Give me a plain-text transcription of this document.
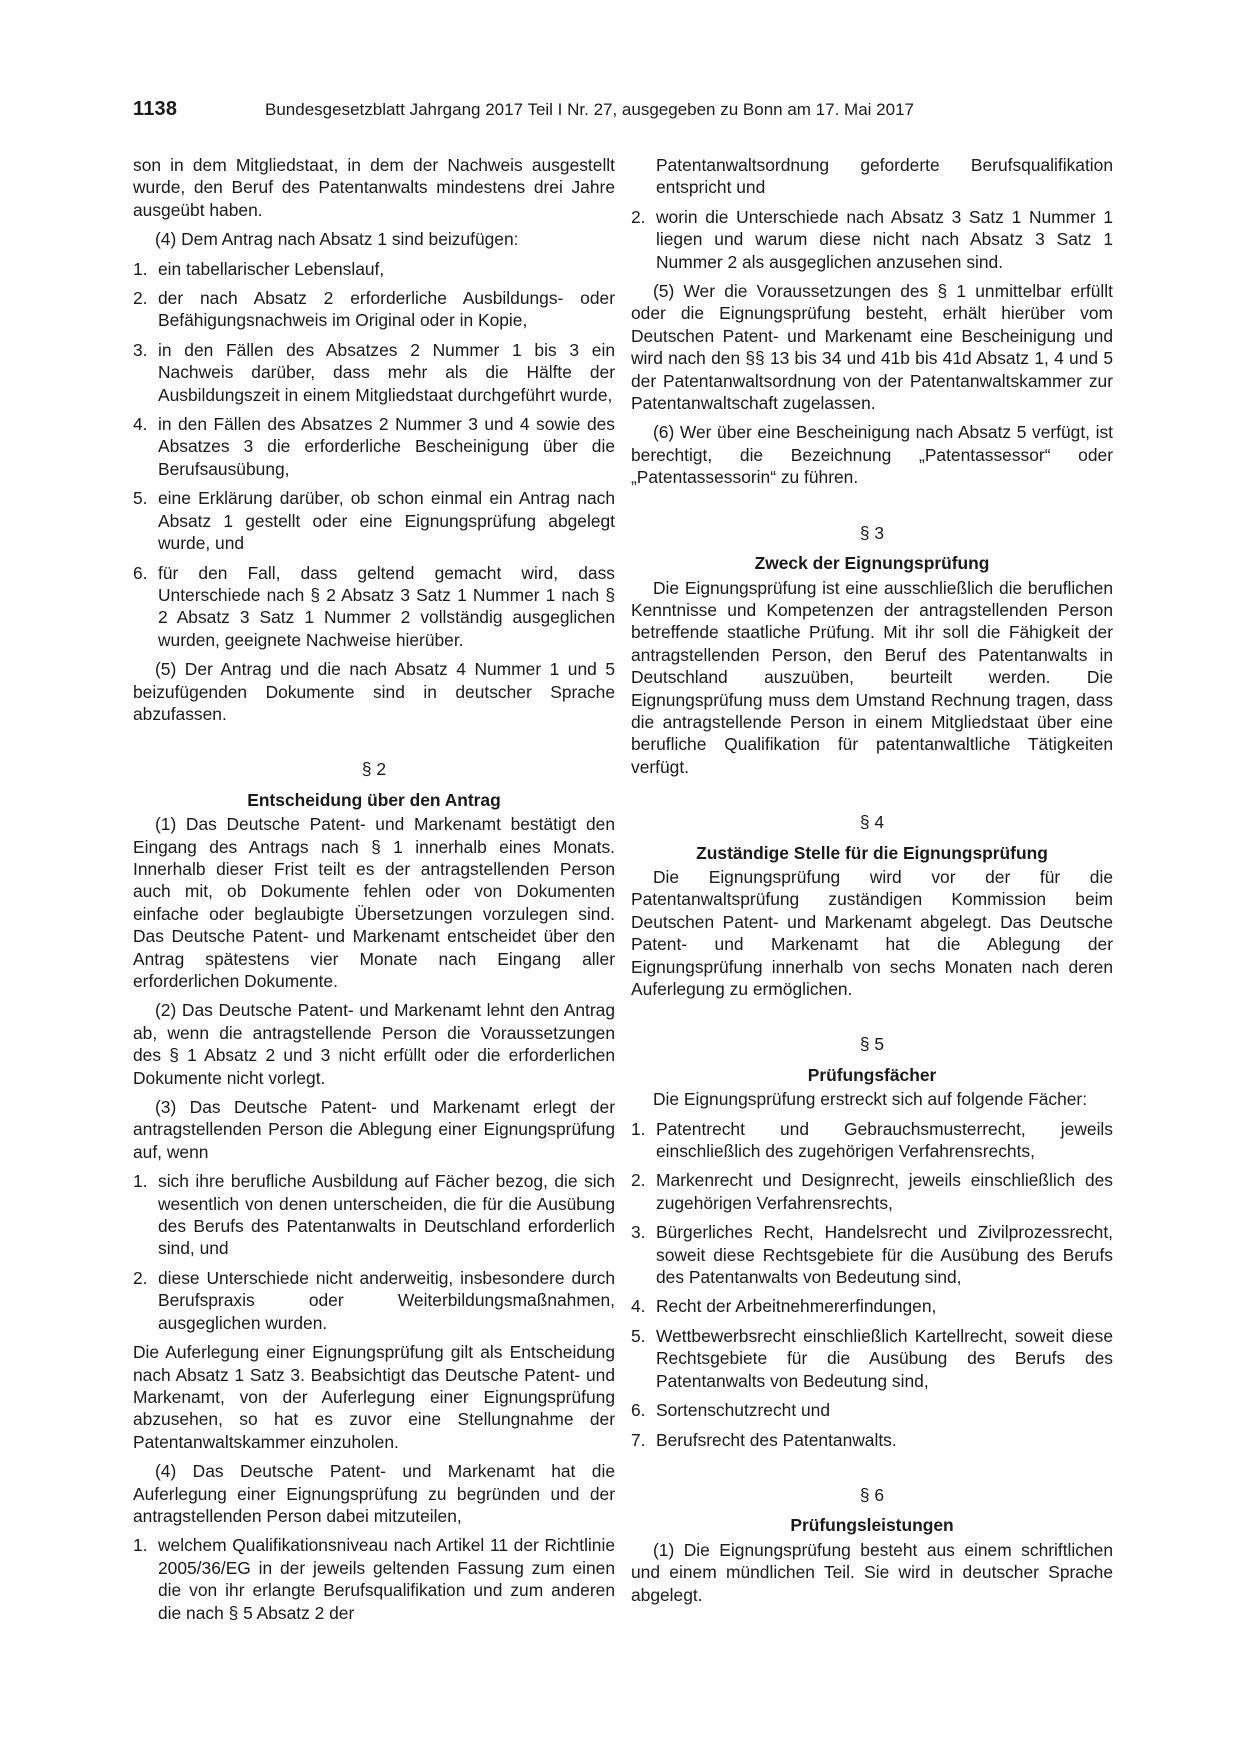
1138	Bundesgesetzblatt Jahrgang 2017 Teil I Nr. 27, ausgegeben zu Bonn am 17. Mai 2017

son in dem Mitgliedstaat, in dem der Nachweis ausgestellt wurde, den Beruf des Patentanwalts mindestens drei Jahre ausgeübt haben.

(4) Dem Antrag nach Absatz 1 sind beizufügen:

1. ein tabellarischer Lebenslauf,
2. der nach Absatz 2 erforderliche Ausbildungs- oder Befähigungsnachweis im Original oder in Kopie,
3. in den Fällen des Absatzes 2 Nummer 1 bis 3 ein Nachweis darüber, dass mehr als die Hälfte der Ausbildungszeit in einem Mitgliedstaat durchgeführt wurde,
4. in den Fällen des Absatzes 2 Nummer 3 und 4 sowie des Absatzes 3 die erforderliche Bescheinigung über die Berufsausübung,
5. eine Erklärung darüber, ob schon einmal ein Antrag nach Absatz 1 gestellt oder eine Eignungsprüfung abgelegt wurde, und
6. für den Fall, dass geltend gemacht wird, dass Unterschiede nach § 2 Absatz 3 Satz 1 Nummer 1 nach § 2 Absatz 3 Satz 1 Nummer 2 vollständig ausgeglichen wurden, geeignete Nachweise hierüber.

(5) Der Antrag und die nach Absatz 4 Nummer 1 und 5 beizufügenden Dokumente sind in deutscher Sprache abzufassen.

§ 2

Entscheidung über den Antrag

(1) Das Deutsche Patent- und Markenamt bestätigt den Eingang des Antrags nach § 1 innerhalb eines Monats. Innerhalb dieser Frist teilt es der antragstellenden Person auch mit, ob Dokumente fehlen oder von Dokumenten einfache oder beglaubigte Übersetzungen vorzulegen sind. Das Deutsche Patent- und Markenamt entscheidet über den Antrag spätestens vier Monate nach Eingang aller erforderlichen Dokumente.

(2) Das Deutsche Patent- und Markenamt lehnt den Antrag ab, wenn die antragstellende Person die Voraussetzungen des § 1 Absatz 2 und 3 nicht erfüllt oder die erforderlichen Dokumente nicht vorlegt.

(3) Das Deutsche Patent- und Markenamt erlegt der antragstellenden Person die Ablegung einer Eignungsprüfung auf, wenn

1. sich ihre berufliche Ausbildung auf Fächer bezog, die sich wesentlich von denen unterscheiden, die für die Ausübung des Berufs des Patentanwalts in Deutschland erforderlich sind, und
2. diese Unterschiede nicht anderweitig, insbesondere durch Berufspraxis oder Weiterbildungsmaßnahmen, ausgeglichen wurden.

Die Auferlegung einer Eignungsprüfung gilt als Entscheidung nach Absatz 1 Satz 3. Beabsichtigt das Deutsche Patent- und Markenamt, von der Auferlegung einer Eignungsprüfung abzusehen, so hat es zuvor eine Stellungnahme der Patentanwaltskammer einzuholen.

(4) Das Deutsche Patent- und Markenamt hat die Auferlegung einer Eignungsprüfung zu begründen und der antragstellenden Person dabei mitzuteilen,

1. welchem Qualifikationsniveau nach Artikel 11 der Richtlinie 2005/36/EG in der jeweils geltenden Fassung zum einen die von ihr erlangte Berufsqualifikation und zum anderen die nach § 5 Absatz 2 der
Patentanwaltsordnung geforderte Berufsqualifikation entspricht und
2. worin die Unterschiede nach Absatz 3 Satz 1 Nummer 1 liegen und warum diese nicht nach Absatz 3 Satz 1 Nummer 2 als ausgeglichen anzusehen sind.

(5) Wer die Voraussetzungen des § 1 unmittelbar erfüllt oder die Eignungsprüfung besteht, erhält hierüber vom Deutschen Patent- und Markenamt eine Bescheinigung und wird nach den §§ 13 bis 34 und 41b bis 41d Absatz 1, 4 und 5 der Patentanwaltsordnung von der Patentanwaltskammer zur Patentanwaltschaft zugelassen.

(6) Wer über eine Bescheinigung nach Absatz 5 verfügt, ist berechtigt, die Bezeichnung „Patentassessor“ oder „Patentassessorin“ zu führen.

§ 3

Zweck der Eignungsprüfung

Die Eignungsprüfung ist eine ausschließlich die beruflichen Kenntnisse und Kompetenzen der antragstellenden Person betreffende staatliche Prüfung. Mit ihr soll die Fähigkeit der antragstellenden Person, den Beruf des Patentanwalts in Deutschland auszuüben, beurteilt werden. Die Eignungsprüfung muss dem Umstand Rechnung tragen, dass die antragstellende Person in einem Mitgliedstaat über eine berufliche Qualifikation für patentanwaltliche Tätigkeiten verfügt.

§ 4

Zuständige Stelle für die Eignungsprüfung

Die Eignungsprüfung wird vor der für die Patentanwaltsprüfung zuständigen Kommission beim Deutschen Patent- und Markenamt abgelegt. Das Deutsche Patent- und Markenamt hat die Ablegung der Eignungsprüfung innerhalb von sechs Monaten nach deren Auferlegung zu ermöglichen.

§ 5

Prüfungsfächer

Die Eignungsprüfung erstreckt sich auf folgende Fächer:

1. Patentrecht und Gebrauchsmusterrecht, jeweils einschließlich des zugehörigen Verfahrensrechts,
2. Markenrecht und Designrecht, jeweils einschließlich des zugehörigen Verfahrensrechts,
3. Bürgerliches Recht, Handelsrecht und Zivilprozessrecht, soweit diese Rechtsgebiete für die Ausübung des Berufs des Patentanwalts von Bedeutung sind,
4. Recht der Arbeitnehmererfindungen,
5. Wettbewerbsrecht einschließlich Kartellrecht, soweit diese Rechtsgebiete für die Ausübung des Berufs des Patentanwalts von Bedeutung sind,
6. Sortenschutzrecht und
7. Berufsrecht des Patentanwalts.

§ 6

Prüfungsleistungen

(1) Die Eignungsprüfung besteht aus einem schriftlichen und einem mündlichen Teil. Sie wird in deutscher Sprache abgelegt.
